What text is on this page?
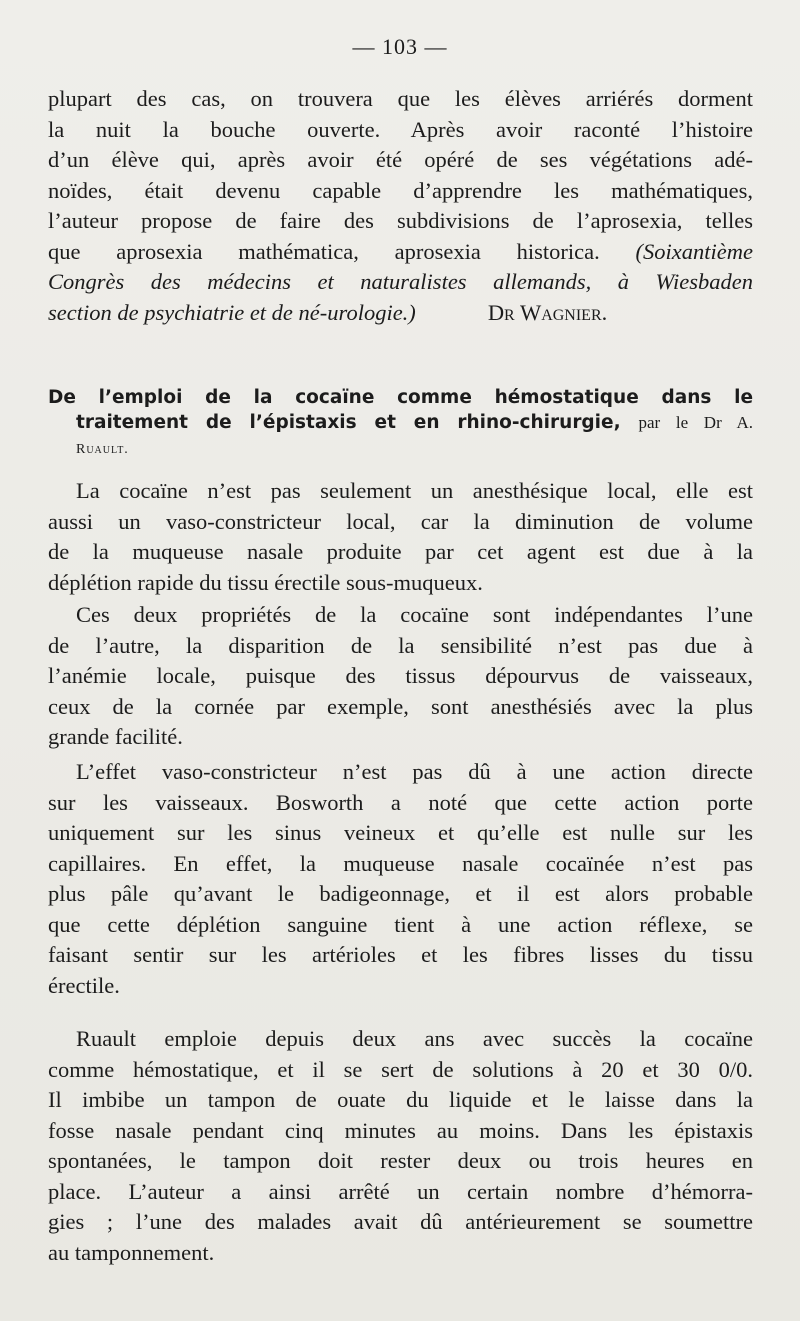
— 103 —
plupart des cas, on trouvera que les élèves arriérés dorment
la nuit la bouche ouverte. Après avoir raconté l’histoire
d’un élève qui, après avoir été opéré de ses végétations adé-
noïdes, était devenu capable d’apprendre les mathématiques,
l’auteur propose de faire des subdivisions de l’aprosexia, telles
que aprosexia mathématica, aprosexia historica. (Soixantième
Congrès des médecins et naturalistes allemands, à Wiesbaden
section de psychiatrie et de né-urologie.)	Dr Wagnier.
De l’emploi de la cocaïne comme hémostatique dans le
traitement de l’épistaxis et en rhino-chirurgie, par le Dr A.
Ruault.
La cocaïne n’est pas seulement un anesthésique local, elle est
aussi un vaso-constricteur local, car la diminution de volume
de la muqueuse nasale produite par cet agent est due à la
déplétion rapide du tissu érectile sous-muqueux.
Ces deux propriétés de la cocaïne sont indépendantes l’une
de l’autre, la disparition de la sensibilité n’est pas due à
l’anémie locale, puisque des tissus dépourvus de vaisseaux,
ceux de la cornée par exemple, sont anesthésiés avec la plus
grande facilité.
L’effet vaso-constricteur n’est pas dû à une action directe
sur les vaisseaux. Bosworth a noté que cette action porte
uniquement sur les sinus veineux et qu’elle est nulle sur les
capillaires. En effet, la muqueuse nasale cocaïnée n’est pas
plus pâle qu’avant le badigeonnage, et il est alors probable
que cette déplétion sanguine tient à une action réflexe, se
faisant sentir sur les artérioles et les fibres lisses du tissu
érectile.
Ruault emploie depuis deux ans avec succès la cocaïne
comme hémostatique, et il se sert de solutions à 20 et 30 0/0.
Il imbibe un tampon de ouate du liquide et le laisse dans la
fosse nasale pendant cinq minutes au moins. Dans les épistaxis
spontanées, le tampon doit rester deux ou trois heures en
place. L’auteur a ainsi arrêté un certain nombre d’hémorra-
gies ; l’une des malades avait dû antérieurement se soumettre
au tamponnement.
